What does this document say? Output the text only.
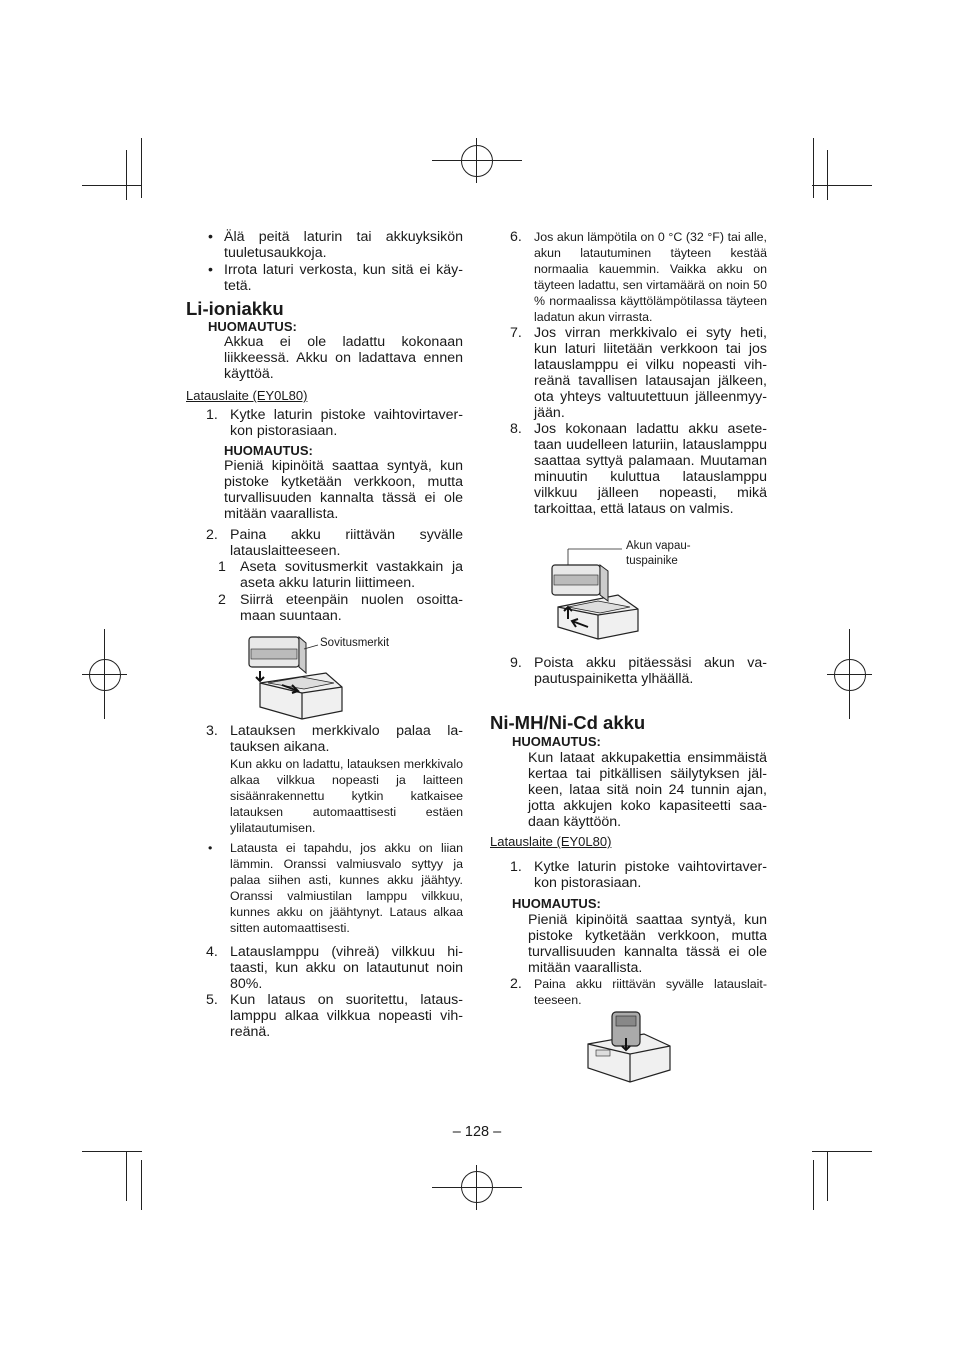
• Älä peitä laturin tai akkuyksikön tuuletusaukkoja.
• Irrota laturi verkosta, kun sitä ei käytetä.
Li-ioniakku
HUOMAUTUS:
Akkua ei ole ladattu kokonaan liikkeessä. Akku on ladattava ennen käyttöä.
Latauslaite (EY0L80)
1. Kytke laturin pistoke vaihtovirtaverkon pistorasiaan.
HUOMAUTUS:
Pieniä kipinöitä saattaa syntyä, kun pistoke kytketään verkkoon, mutta turvallisuuden kannalta tässä ei ole mitään vaarallista.
2. Paina akku riittävän syvälle latauslaitteeseen.
1 Aseta sovitusmerkit vastakkain ja aseta akku laturin liittimeen.
2 Siirrä eteenpäin nuolen osoittamaan suuntaan.
Sovitusmerkit
3. Latauksen merkkivalo palaa latauksen aikana.
Kun akku on ladattu, latauksen merkkivalo alkaa vilkkua nopeasti ja laitteen sisäänrakennettu kytkin katkaisee latauksen automaattisesti estäen ylilatautumisen.
• Latausta ei tapahdu, jos akku on liian lämmin. Oranssi valmiusvalo syttyy ja palaa siihen asti, kunnes akku jäähtyy. Oranssi valmiustilan lamppu vilkkuu, kunnes akku on jäähtynyt. Lataus alkaa sitten automaattisesti.
4. Latauslamppu (vihreä) vilkkuu hitaasti, kun akku on latautunut noin 80%.
5. Kun lataus on suoritettu, latauslamppu alkaa vilkkua nopeasti vihreänä.
6. Jos akun lämpötila on 0 °C (32 °F) tai alle, akun latautuminen täyteen kestää normaalia kauemmin. Vaikka akku on täyteen ladattu, sen virtamäärä on noin 50 % normaalissa käyttölämpötilassa täyteen ladatun akun virrasta.
7. Jos virran merkkivalo ei syty heti, kun laturi liitetään verkkoon tai jos latauslamppu ei vilku nopeasti vihreänä tavallisen latausajan jälkeen, ota yhteys valtuutettuun jälleenmyyjään.
8. Jos kokonaan ladattu akku asetetaan uudelleen laturiin, latauslamppu saattaa syttyä palamaan. Muutaman minuutin kuluttua latauslamppu vilkkuu jälleen nopeasti, mikä tarkoittaa, että lataus on valmis.
Akun vapau-
tuspainike
9. Poista akku pitäessäsi akun vapautuspainiketta ylhäällä.
Ni-MH/Ni-Cd akku
HUOMAUTUS:
Kun lataat akkupakettia ensimmäistä kertaa tai pitkällisen säilytyksen jälkeen, lataa sitä noin 24 tunnin ajan, jotta akkujen koko kapasiteetti saadaan käyttöön.
Latauslaite (EY0L80)
1. Kytke laturin pistoke vaihtovirtaverkon pistorasiaan.
HUOMAUTUS:
Pieniä kipinöitä saattaa syntyä, kun pistoke kytketään verkkoon, mutta turvallisuuden kannalta tässä ei ole mitään vaarallista.
2. Paina akku riittävän syvälle latauslaitteeseen.
– 128 –
